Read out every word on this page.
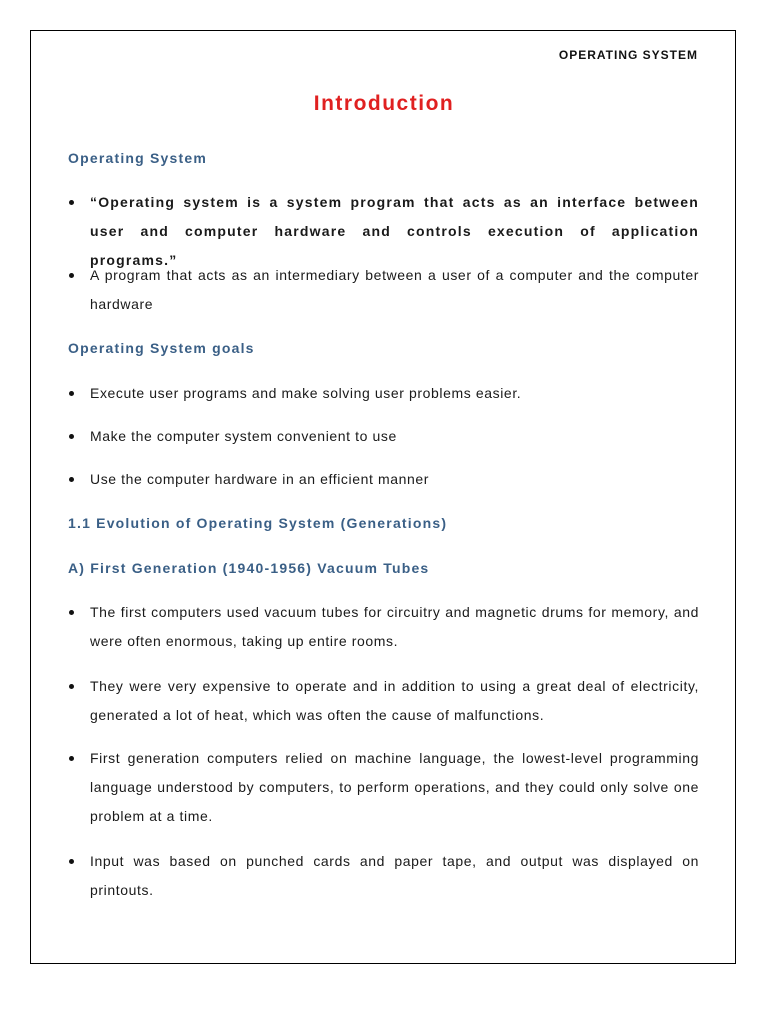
OPERATING SYSTEM
Introduction
Operating System
“Operating system is a system program that acts as an interface between user and computer hardware and controls execution of application programs.”
A program that acts as an intermediary between a user of a computer and the computer hardware
Operating System goals
Execute user programs and make solving user problems easier.
Make the computer system convenient to use
Use the computer hardware in an efficient manner
1.1 Evolution of Operating System (Generations)
A) First Generation (1940-1956) Vacuum Tubes
The first computers used vacuum tubes for circuitry and magnetic drums for memory, and were often enormous, taking up entire rooms.
They were very expensive to operate and in addition to using a great deal of electricity, generated a lot of heat, which was often the cause of malfunctions.
First generation computers relied on machine language, the lowest-level programming language understood by computers, to perform operations, and they could only solve one problem at a time.
Input was based on punched cards and paper tape, and output was displayed on printouts.
